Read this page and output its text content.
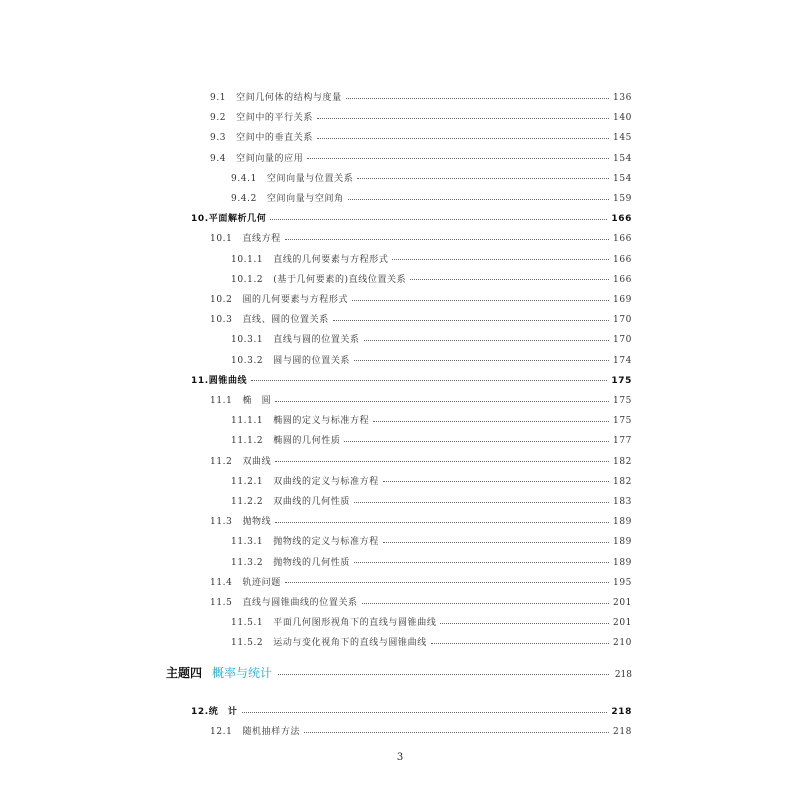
9.1 空间几何体的结构与度量	136
9.2 空间中的平行关系	140
9.3 空间中的垂直关系	145
9.4 空间向量的应用	154
9.4.1 空间向量与位置关系	154
9.4.2 空间向量与空间角	159
10. 平面解析几何	166
10.1 直线方程	166
10.1.1 直线的几何要素与方程形式	166
10.1.2 (基于几何要素的)直线位置关系	166
10.2 圆的几何要素与方程形式	169
10.3 直线、圆的位置关系	170
10.3.1 直线与圆的位置关系	170
10.3.2 圆与圆的位置关系	174
11. 圆锥曲线	175
11.1 椭　圆	175
11.1.1 椭圆的定义与标准方程	175
11.1.2 椭圆的几何性质	177
11.2 双曲线	182
11.2.1 双曲线的定义与标准方程	182
11.2.2 双曲线的几何性质	183
11.3 抛物线	189
11.3.1 抛物线的定义与标准方程	189
11.3.2 抛物线的几何性质	189
11.4 轨迹问题	195
11.5 直线与圆锥曲线的位置关系	201
11.5.1 平面几何图形视角下的直线与圆锥曲线	201
11.5.2 运动与变化视角下的直线与圆锥曲线	210
主题四 概率与统计	218
12. 统　计	218
12.1 随机抽样方法	218
3
